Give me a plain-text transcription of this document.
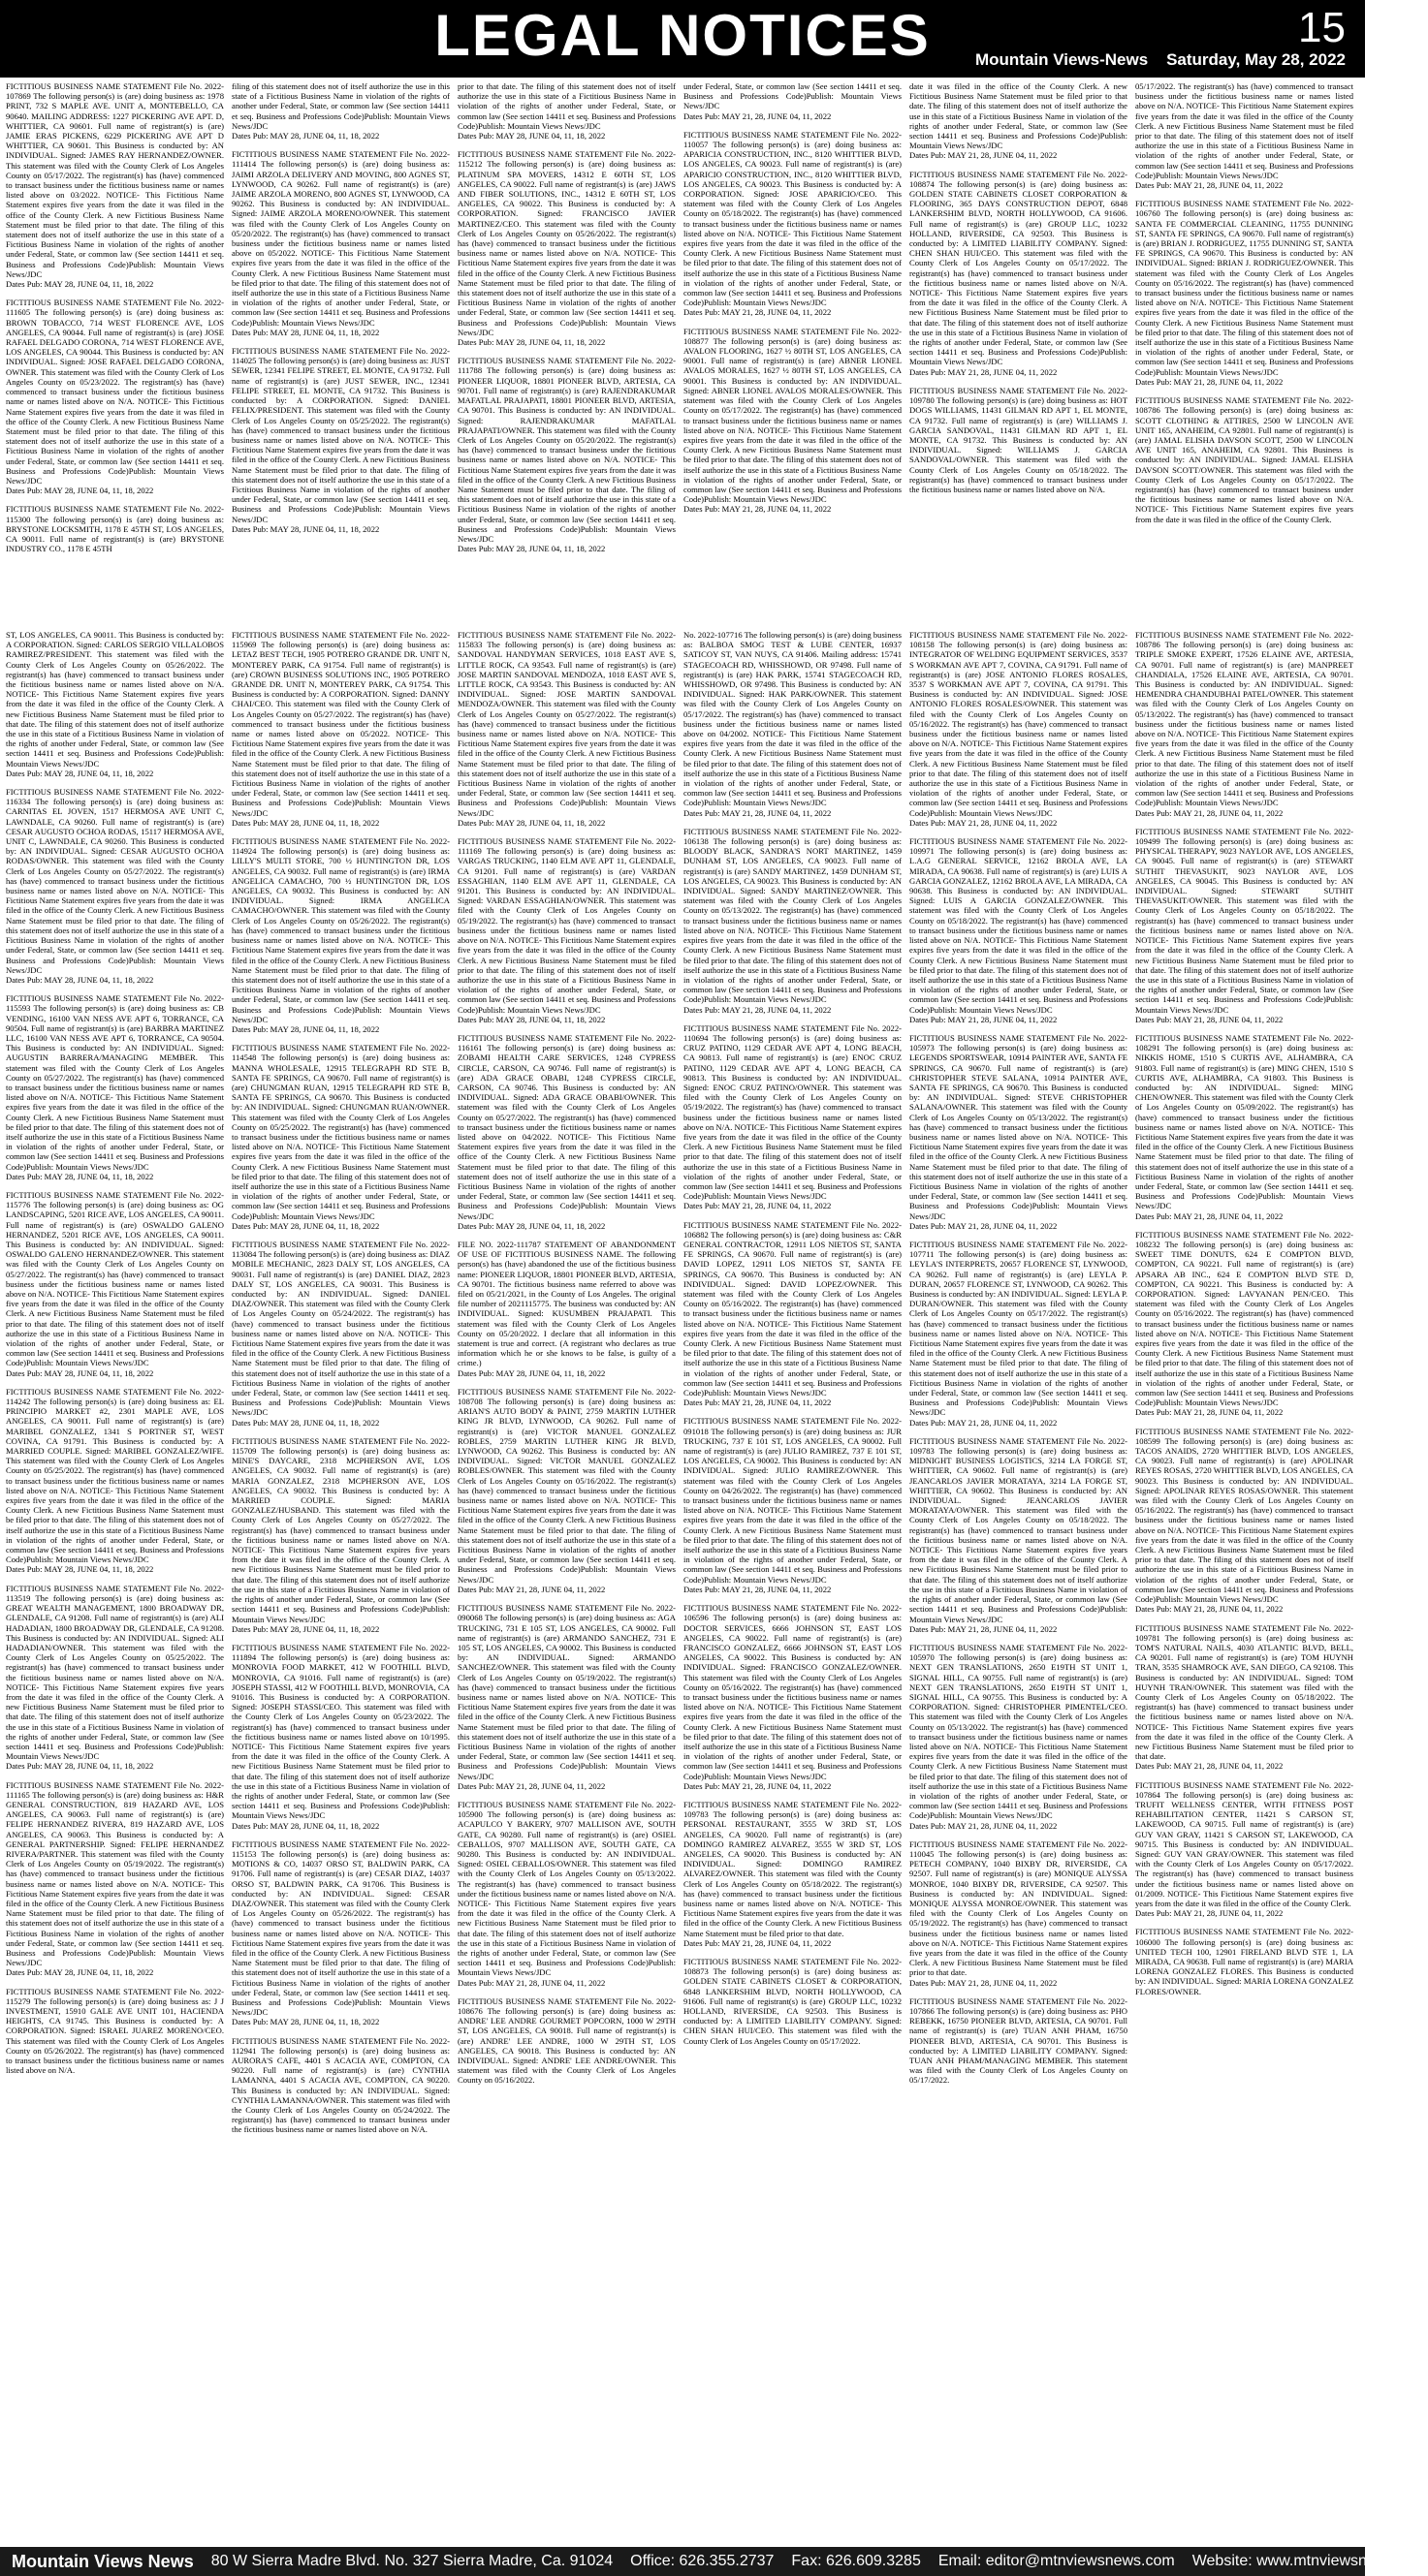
LEGAL NOTICES	15
Mountain Views-News Saturday, May 28, 2022
FICTITIOUS BUSINESS NAME STATEMENT File No. 2022-107869 The following person(s) is (are) doing business as: 1978 PRINT, 732 S MAPLE AVE. UNIT A, MONTEBELLO, CA 90640. MAILING ADDRESS: 1227 PICKERING AVE APT. D, WHITTIER, CA 90601. Full name of registrant(s) is (are) JAMIE ERAS PICKENS, 6229 PICKERING AVE APT D WHITTIER, CA 90601. This Business is conducted by: AN INDIVIDUAL. Signed: JAMES RAY HERNANDEZ/OWNER. This statement was filed with the County Clerk of Los Angeles County on 05/17/2022. The registrant(s) has (have) commenced to transact business under the fictitious business name or names listed above on 03/2022. NOTICE- This Fictitious Name Statement expires five years from the date it was filed in the office of the County Clerk. A new Fictitious Business Name Statement must be filed prior to that date. The filing of this statement does not of itself authorize the use in this state of a Fictitious Business Name in violation of the rights of another under Federal, State, or common law (See section 14411 et seq. Business and Professions Code)Publish: Mountain Views News/JDC
Dates Pub: MAY 28, JUNE 04, 11, 18, 2022
FICTITIOUS BUSINESS NAME STATEMENT File No. 2022-111605 The following person(s) is (are) doing business as: BROWN TOBACCO, 714 WEST FLORENCE AVE, LOS ANGELES, CA 90044. Full name of registrant(s) is (are) JOSE RAFAEL DELGADO CORONA, 714 WEST FLORENCE AVE, LOS ANGELES, CA 90044. This Business is conducted by: AN INDIVIDUAL. Signed: JOSE RAFAEL DELGADO CORONA, OWNER. This statement was filed with the County Clerk of Los Angeles County on 05/23/2022. The registrant(s) has (have) commenced to transact business under the fictitious business name or names listed above on N/A. NOTICE- This Fictitious Name Statement expires five years from the date it was filed in the office of the County Clerk. A new Fictitious Business Name Statement must be filed prior to that date. The filing of this statement does not of itself authorize the use in this state of a Fictitious Business Name in violation of the rights of another under Federal, State, or common law (See section 14411 et seq. Business and Professions Code)Publish: Mountain Views News/JDC
Dates Pub: MAY 28, JUNE 04, 11, 18, 2022
FICTITIOUS BUSINESS NAME STATEMENT File No. 2022-115300 The following person(s) is (are) doing business as: BRYSTONE LOCKSMITH, 1178 E 45TH ST, LOS ANGELES, CA 90011. Full name of registrant(s) is (are) BRYSTONE INDUSTRY CO., 1178 E 45TH
filing of this statement does not of itself authorize the use in this state of a Fictitious Business Name in violation of the rights of another under Federal, State, or common law (See section 14411 et seq. Business and Professions Code)Publish: Mountain Views News/JDC
Dates Pub: MAY 28, JUNE 04, 11, 18, 2022
FICTITIOUS BUSINESS NAME STATEMENT File No. 2022-111414 The following person(s) is (are) doing business as: JAIMI ARZOLA DELIVERY AND MOVING, 800 AGNES ST, LYNWOOD, CA 90262. Full name of registrant(s) is (are) JAIME ARZOLA MORENO, 800 AGNES ST, LYNWOOD, CA 90262. This Business is conducted by: AN INDIVIDUAL. Signed: JAIME ARZOLA MORENO/OWNER. This statement was filed with the County Clerk of Los Angeles County on 05/20/2022. The registrant(s) has (have) commenced to transact business under the fictitious business name or names listed above on 05/2022. NOTICE- This Fictitious Name Statement expires five years from the date it was filed in the office of the County Clerk. A new Fictitious Business Name Statement must be filed prior to that date. The filing of this statement does not of itself authorize the use in this state of a Fictitious Business Name in violation of the rights of another under Federal, State, or common law (See section 14411 et seq. Business and Professions Code)Publish: Mountain Views News/JDC
Dates Pub: MAY 28, JUNE 04, 11, 18, 2022
FICTITIOUS BUSINESS NAME STATEMENT File No. 2022-114025 The following person(s) is (are) doing business as: JUST SEWER, 12341 FELIPE STREET, EL MONTE, CA 91732. Full name of registrant(s) is (are) JUST SEWER, INC., 12341 FELIPE STREET, EL MONTE, CA 91732. This Business is conducted by: A CORPORATION. Signed: DANIEL FELIX/PRESIDENT. This statement was filed with the County Clerk of Los Angeles County on 05/25/2022. The registrant(s) has (have) commenced to transact business under the fictitious business name or names listed above on N/A. NOTICE- This Fictitious Name Statement expires five years from the date it was filed in the office of the County Clerk. A new Fictitious Business Name Statement must be filed prior to that date. The filing of this statement does not of itself authorize the use in this state of a Fictitious Business Name in violation of the rights of another under Federal, State, or common law (See section 14411 et seq. Business and Professions Code)Publish: Mountain Views News/JDC
Dates Pub: MAY 28, JUNE 04, 11, 18, 2022
prior to that date. The filing of this statement does not of itself authorize the use in this state of a Fictitious Business Name in violation of the rights of another under Federal, State, or common law (See section 14411 et seq. Business and Professions Code)Publish: Mountain Views News/JDC
Dates Pub: MAY 28, JUNE 04, 11, 18, 2022
FICTITIOUS BUSINESS NAME STATEMENT File No. 2022-115212 The following person(s) is (are) doing business as: PLATINUM SPA MOVERS, 14312 E 60TH ST, LOS ANGELES, CA 90022. Full name of registrant(s) is (are) JAWS AND FIBER SOLUTIONS, INC., 14312 E 60TH ST, LOS ANGELES, CA 90022. This Business is conducted by: A CORPORATION. Signed: FRANCISCO JAVIER MARTINEZ/CEO. This statement was filed with the County Clerk of Los Angeles County on 05/26/2022. The registrant(s) has (have) commenced to transact business under the fictitious business name or names listed above on N/A. NOTICE- This Fictitious Name Statement expires five years from the date it was filed in the office of the County Clerk. A new Fictitious Business Name Statement must be filed prior to that date. The filing of this statement does not of itself authorize the use in this state of a Fictitious Business Name in violation of the rights of another under Federal, State, or common law (See section 14411 et seq. Business and Professions Code)Publish: Mountain Views News/JDC
Dates Pub: MAY 28, JUNE 04, 11, 18, 2022
FICTITIOUS BUSINESS NAME STATEMENT File No. 2022-111788 The following person(s) is (are) doing business as: PIONEER LIQUOR, 18801 PIONEER BLVD, ARTESIA, CA 90701. Full name of registrant(s) is (are) RAJENDRAKUMAR MAFATLAL PRAJAPATI, 18801 PIONEER BLVD, ARTESIA, CA 90701. This Business is conducted by: AN INDIVIDUAL. Signed: RAJENDRAKUMAR MAFATLAL PRAJAPATI/OWNER. This statement was filed with the County Clerk of Los Angeles County on 05/20/2022. The registrant(s) has (have) commenced to transact business under the fictitious business name or names listed above on N/A. NOTICE- This Fictitious Name Statement expires five years from the date it was filed in the office of the County Clerk. A new Fictitious Business Name Statement must be filed prior to that date. The filing of this statement does not of itself authorize the use in this state of a Fictitious Business Name in violation of the rights of another under Federal, State, or common law (See section 14411 et seq. Business and Professions Code)Publish: Mountain Views News/JDC
Dates Pub: MAY 28, JUNE 04, 11, 18, 2022
under Federal, State, or common law (See section 14411 et seq. Business and Professions Code)Publish: Mountain Views News/JDC
Dates Pub: MAY 21, 28, JUNE 04, 11, 2022
FICTITIOUS BUSINESS NAME STATEMENT File No. 2022-110057 The following person(s) is (are) doing business as: APARICIA CONSTRUCTION, INC., 8120 WHITTIER BLVD, LOS ANGELES, CA 90023. Full name of registrant(s) is (are) APARICIO CONSTRUCTION, INC., 8120 WHITTIER BLVD, LOS ANGELES, CA 90023. This Business is conducted by: A CORPORATION. Signed: JOSE APARICIO/CEO. This statement was filed with the County Clerk of Los Angeles County on 05/18/2022. The registrant(s) has (have) commenced to transact business under the fictitious business name or names listed above on N/A. NOTICE- This Fictitious Name Statement expires five years from the date it was filed in the office of the County Clerk. A new Fictitious Business Name Statement must be filed prior to that date. The filing of this statement does not of itself authorize the use in this state of a Fictitious Business Name in violation of the rights of another under Federal, State, or common law (See section 14411 et seq. Business and Professions Code)Publish: Mountain Views News/JDC
Dates Pub: MAY 21, 28, JUNE 04, 11, 2022
FICTITIOUS BUSINESS NAME STATEMENT File No. 2022-108877 The following person(s) is (are) doing business as: AVALON FLOORING, 1627 ½ 80TH ST, LOS ANGELES, CA 90001. Full name of registrant(s) is (are) ABNER LIONEL AVALOS MORALES, 1627 ½ 80TH ST, LOS ANGELES, CA 90001. This Business is conducted by: AN INDIVIDUAL. Signed: ABNER LIONEL AVALOS MORALES/OWNER. This statement was filed with the County Clerk of Los Angeles County on 05/17/2022. The registrant(s) has (have) commenced to transact business under the fictitious business name or names listed above on N/A. NOTICE- This Fictitious Name Statement expires five years from the date it was filed in the office of the County Clerk. A new Fictitious Business Name Statement must be filed prior to that date. The filing of this statement does not of itself authorize the use in this state of a Fictitious Business Name in violation of the rights of another under Federal, State, or common law (See section 14411 et seq. Business and Professions Code)Publish: Mountain Views News/JDC
Dates Pub: MAY 21, 28, JUNE 04, 11, 2022
date it was filed in the office of the County Clerk. A new Fictitious Business Name Statement must be filed prior to that date. The filing of this statement does not of itself authorize the use in this state of a Fictitious Business Name in violation of the rights of another under Federal, State, or common law (See section 14411 et seq. Business and Professions Code)Publish: Mountain Views News/JDC
Dates Pub: MAY 21, 28, JUNE 04, 11, 2022
FICTITIOUS BUSINESS NAME STATEMENT File No. 2022-108874 The following person(s) is (are) doing business as: GOLDEN STATE CABINETS CLOSET CORPORATION & FLOORING, 365 DAYS CONSTRUCTION DEPOT, 6848 LANKERSHIM BLVD, NORTH HOLLYWOOD, CA 91606. Full name of registrant(s) is (are) GROUP LLC, 10232 HOLLAND, RIVERSIDE, CA 92503. This Business is conducted by: A LIMITED LIABILITY COMPANY. Signed: CHEN SHAN HUI/CEO. This statement was filed with the County Clerk of Los Angeles County on 05/17/2022. The registrant(s) has (have) commenced to transact business under the fictitious business name or names listed above on N/A. NOTICE- This Fictitious Name Statement expires five years from the date it was filed in the office of the County Clerk. A new Fictitious Business Name Statement must be filed prior to that date. The filing of this statement does not of itself authorize the use in this state of a Fictitious Business Name in violation of the rights of another under Federal, State, or common law (See section 14411 et seq. Business and Professions Code)Publish: Mountain Views News/JDC
Dates Pub: MAY 21, 28, JUNE 04, 11, 2022
FICTITIOUS BUSINESS NAME STATEMENT File No. 2022-109780 The following person(s) is (are) doing business as: HOT DOGS WILLIAMS, 11431 GILMAN RD APT 1, EL MONTE, CA 91732. Full name of registrant(s) is (are) WILLIAMS J. GARCIA SANDOVAL, 11431 GILMAN RD APT 1, EL MONTE, CA 91732. This Business is conducted by: AN INDIVIDUAL. Signed: WILLIAMS J. GARCIA SANDOVAL/OWNER. This statement was filed with the County Clerk of Los Angeles County on 05/18/2022. The registrant(s) has (have) commenced to transact business under the fictitious business name or names listed above on N/A.
05/17/2022. The registrant(s) has (have) commenced to transact business under the fictitious business name or names listed above on N/A. NOTICE- This Fictitious Name Statement expires five years from the date it was filed in the office of the County Clerk. A new Fictitious Business Name Statement must be filed prior to that date. The filing of this statement does not of itself authorize the use in this state of a Fictitious Business Name in violation of the rights of another under Federal, State, or common law (See section 14411 et seq. Business and Professions Code)Publish: Mountain Views News/JDC
Dates Pub: MAY 21, 28, JUNE 04, 11, 2022
FICTITIOUS BUSINESS NAME STATEMENT File No. 2022-106760 The following person(s) is (are) doing business as: SANTA FE COMMERCIAL CLEANING, 11755 DUNNING ST, SANTA FE SPRINGS, CA 90670. Full name of registrant(s) is (are) BRIAN J. RODRIGUEZ, 11755 DUNNING ST, SANTA FE SPRINGS, CA 90670. This Business is conducted by: AN INDIVIDUAL. Signed: BRIAN J. RODRIGUEZ/OWNER. This statement was filed with the County Clerk of Los Angeles County on 05/16/2022. The registrant(s) has (have) commenced to transact business under the fictitious business name or names listed above on N/A. NOTICE- This Fictitious Name Statement expires five years from the date it was filed in the office of the County Clerk. A new Fictitious Business Name Statement must be filed prior to that date. The filing of this statement does not of itself authorize the use in this state of a Fictitious Business Name in violation of the rights of another under Federal, State, or common law (See section 14411 et seq. Business and Professions Code)Publish: Mountain Views News/JDC
Dates Pub: MAY 21, 28, JUNE 04, 11, 2022
FICTITIOUS BUSINESS NAME STATEMENT File No. 2022-108786 The following person(s) is (are) doing business as: SCOTT CLOTHING & ATTIRES, 2500 W LINCOLN AVE UNIT 165, ANAHEIM, CA 92801. Full name of registrant(s) is (are) JAMAL ELISHA DAVSON SCOTT, 2500 W LINCOLN AVE UNIT 165, ANAHEIM, CA 92801. This Business is conducted by: AN INDIVIDUAL. Signed: JAMAL ELISHA DAVSON SCOTT/OWNER. This statement was filed with the County Clerk of Los Angeles County on 05/17/2022. The registrant(s) has (have) commenced to transact business under the fictitious business name or names listed above on N/A. NOTICE- This Fictitious Name Statement expires five years from the date it was filed in the office of the County Clerk.
ST, LOS ANGELES, CA 90011. This Business is conducted by: A CORPORATION. Signed: CARLOS SERGIO VILLALOBOS RAMIREZ/PRESIDENT. This statement was filed with the County Clerk of Los Angeles County on 05/26/2022. The registrant(s) has (have) commenced to transact business under the fictitious business name or names listed above on N/A. NOTICE- This Fictitious Name Statement expires five years from the date it was filed in the office of the County Clerk. A new Fictitious Business Name Statement must be filed prior to that date. The filing of this statement does not of itself authorize the use in this state of a Fictitious Business Name in violation of the rights of another under Federal, State, or common law (See section 14411 et seq. Business and Professions Code)Publish: Mountain Views News/JDC
Dates Pub: MAY 28, JUNE 04, 11, 18, 2022
FICTITIOUS BUSINESS NAME STATEMENT File No. 2022-116334 The following person(s) is (are) doing business as: CARNITAS EL JOVEN, 1517 HERMOSA AVE UNIT C, LAWNDALE, CA 90260. Full name of registrant(s) is (are) CESAR AUGUSTO OCHOA RODAS, 15117 HERMOSA AVE, UNIT C, LAWNDALE, CA 90260. This Business is conducted by: AN INDIVIDUAL. Signed: CESAR AUGUSTO OCHOA RODAS/OWNER. This statement was filed with the County Clerk of Los Angeles County on 05/27/2022. The registrant(s) has (have) commenced to transact business under the fictitious business name or names listed above on N/A. NOTICE- This Fictitious Name Statement expires five years from the date it was filed in the office of the County Clerk. A new Fictitious Business Name Statement must be filed prior to that date. The filing of this statement does not of itself authorize the use in this state of a Fictitious Business Name in violation of the rights of another under Federal, State, or common law (See section 14411 et seq. Business and Professions Code)Publish: Mountain Views News/JDC
Dates Pub: MAY 28, JUNE 04, 11, 18, 2022
FICTITIOUS BUSINESS NAME STATEMENT File No. 2022-115593 The following person(s) is (are) doing business as: CB VENDING, 16100 VAN NESS AVE APT 6, TORRANCE, CA 90504. Full name of registrant(s) is (are) BARBRA MARTINEZ LLC, 16100 VAN NESS AVE APT 6, TORRANCE, CA 90504. This Business is conducted by: AN INDIVIDUAL. Signed: AUGUSTIN BARRERA/MANAGING MEMBER. This statement was filed with the County Clerk of Los Angeles County on 05/27/2022. The registrant(s) has (have) commenced to transact business under the fictitious business name or names listed above on N/A. NOTICE- This Fictitious Name Statement expires five years from the date it was filed in the office of the County Clerk. A new Fictitious Business Name Statement must be filed prior to that date. The filing of this statement does not of itself authorize the use in this state of a Fictitious Business Name in violation of the rights of another under Federal, State, or common law (See section 14411 et seq. Business and Professions Code)Publish: Mountain Views News/JDC
Dates Pub: MAY 28, JUNE 04, 11, 18, 2022
FICTITIOUS BUSINESS NAME STATEMENT File No. 2022-115776 The following person(s) is (are) doing business as: OG LANDSCAPING, 5201 RICE AVE, LOS ANGELES, CA 90011. Full name of registrant(s) is (are) OSWALDO GALENO HERNANDEZ, 5201 RICE AVE, LOS ANGELES, CA 90011. This Business is conducted by: AN INDIVIDUAL. Signed: OSWALDO GALENO HERNANDEZ/OWNER. This statement was filed with the County Clerk of Los Angeles County on 05/27/2022. The registrant(s) has (have) commenced to transact business under the fictitious business name or names listed above on N/A. NOTICE- This Fictitious Name Statement expires five years from the date it was filed in the office of the County Clerk. A new Fictitious Business Name Statement must be filed prior to that date. The filing of this statement does not of itself authorize the use in this state of a Fictitious Business Name in violation of the rights of another under Federal, State, or common law (See section 14411 et seq. Business and Professions Code)Publish: Mountain Views News/JDC
Dates Pub: MAY 28, JUNE 04, 11, 18, 2022
FICTITIOUS BUSINESS NAME STATEMENT File No. 2022-114242 The following person(s) is (are) doing business as: EL PRINCIPIO MARKET #2, 2301 MAPLE AVE, LOS ANGELES, CA 90011. Full name of registrant(s) is (are) MARIBEL GONZALEZ, 1341 S PORTNER ST, WEST COVINA, CA 91791. This Business is conducted by: A MARRIED COUPLE. Signed: MARIBEL GONZALEZ/WIFE. This statement was filed with the County Clerk of Los Angeles County on 05/25/2022. The registrant(s) has (have) commenced to transact business under the fictitious business name or names listed above on N/A. NOTICE- This Fictitious Name Statement expires five years from the date it was filed in the office of the County Clerk. A new Fictitious Business Name Statement must be filed prior to that date. The filing of this statement does not of itself authorize the use in this state of a Fictitious Business Name in violation of the rights of another under Federal, State, or common law (See section 14411 et seq. Business and Professions Code)Publish: Mountain Views News/JDC
Dates Pub: MAY 28, JUNE 04, 11, 18, 2022
FICTITIOUS BUSINESS NAME STATEMENT File No. 2022-113519 The following person(s) is (are) doing business as: GREAT WEALTH MANAGEMENT, 1800 BROADWAY DR, GLENDALE, CA 91208. Full name of registrant(s) is (are) ALI HADADIAN, 1800 BROADWAY DR, GLENDALE, CA 91208. This Business is conducted by: AN INDIVIDUAL. Signed: ALI HADADIAN/OWNER. This statement was filed with the County Clerk of Los Angeles County on 05/25/2022. The registrant(s) has (have) commenced to transact business under the fictitious business name or names listed above on N/A. NOTICE- This Fictitious Name Statement expires five years from the date it was filed in the office of the County Clerk. A new Fictitious Business Name Statement must be filed prior to that date. The filing of this statement does not of itself authorize the use in this state of a Fictitious Business Name in violation of the rights of another under Federal, State, or common law (See section 14411 et seq. Business and Professions Code)Publish: Mountain Views News/JDC
Dates Pub: MAY 28, JUNE 04, 11, 18, 2022
FICTITIOUS BUSINESS NAME STATEMENT File No. 2022-111165 The following person(s) is (are) doing business as: H&R GENERAL CONSTRUCTION, 819 HAZARD AVE, LOS ANGELES, CA 90063. Full name of registrant(s) is (are) FELIPE HERNANDEZ RIVERA, 819 HAZARD AVE, LOS ANGELES, CA 90063. This Business is conducted by: A GENERAL PARTNERSHIP. Signed: FELIPE HERNANDEZ RIVERA/PARTNER. This statement was filed with the County Clerk of Los Angeles County on 05/19/2022. The registrant(s) has (have) commenced to transact business under the fictitious business name or names listed above on N/A. NOTICE- This Fictitious Name Statement expires five years from the date it was filed in the office of the County Clerk. A new Fictitious Business Name Statement must be filed prior to that date. The filing of this statement does not of itself authorize the use in this state of a Fictitious Business Name in violation of the rights of another under Federal, State, or common law (See section 14411 et seq. Business and Professions Code)Publish: Mountain Views News/JDC
Dates Pub: MAY 28, JUNE 04, 11, 18, 2022
FICTITIOUS BUSINESS NAME STATEMENT File No. 2022-115279 The following person(s) is (are) doing business as: J J INVESTMENT, 15910 GALE AVE UNIT 101, HACIENDA HEIGHTS, CA 91745. This Business is conducted by: A CORPORATION. Signed: ISRAEL JUAREZ MORENO/CEO. This statement was filed with the County Clerk of Los Angeles County on 05/26/2022. The registrant(s) has (have) commenced to transact business under the fictitious business name or names listed above on N/A.
FICTITIOUS BUSINESS NAME STATEMENT File No. 2022-115969 The following person(s) is (are) doing business as: LETAZ BEST TECH, 1905 POTRERO GRANDE DR. UNIT N, MONTEREY PARK, CA 91754. Full name of registrant(s) is (are) CROWN BUSINESS SOLUTIONS INC, 1905 POTRERO GRANDE DR. UNIT N, MONTEREY PARK, CA 91754. This Business is conducted by: A CORPORATION. Signed: DANNY CHAI/CEO. This statement was filed with the County Clerk of Los Angeles County on 05/27/2022. The registrant(s) has (have) commenced to transact business under the fictitious business name or names listed above on 05/2022. NOTICE- This Fictitious Name Statement expires five years from the date it was filed in the office of the County Clerk. A new Fictitious Business Name Statement must be filed prior to that date. The filing of this statement does not of itself authorize the use in this state of a Fictitious Business Name in violation of the rights of another under Federal, State, or common law (See section 14411 et seq. Business and Professions Code)Publish: Mountain Views News/JDC
Dates Pub: MAY 28, JUNE 04, 11, 18, 2022
FICTITIOUS BUSINESS NAME STATEMENT File No. 2022-114924 The following person(s) is (are) doing business as: LILLY'S MULTI STORE, 700 ½ HUNTINGTON DR, LOS ANGELES, CA 90032. Full name of registrant(s) is (are) IRMA ANGELICA CAMACHO, 700 ½ HUNTINGTON DR, LOS ANGELES, CA 90032. This Business is conducted by: AN INDIVIDUAL. Signed: IRMA ANGELICA CAMACHO/OWNER. This statement was filed with the County Clerk of Los Angeles County on 05/26/2022. The registrant(s) has (have) commenced to transact business under the fictitious business name or names listed above on N/A. NOTICE- This Fictitious Name Statement expires five years from the date it was filed in the office of the County Clerk. A new Fictitious Business Name Statement must be filed prior to that date. The filing of this statement does not of itself authorize the use in this state of a Fictitious Business Name in violation of the rights of another under Federal, State, or common law (See section 14411 et seq. Business and Professions Code)Publish: Mountain Views News/JDC
Dates Pub: MAY 28, JUNE 04, 11, 18, 2022
FICTITIOUS BUSINESS NAME STATEMENT File No. 2022-114548 The following person(s) is (are) doing business as: MANNA WHOLESALE, 12915 TELEGRAPH RD STE B, SANTA FE SPRINGS, CA 90670. Full name of registrant(s) is (are) CHUNGMAN RUAN, 12915 TELEGRAPH RD STE B, SANTA FE SPRINGS, CA 90670. This Business is conducted by: AN INDIVIDUAL. Signed: CHUNGMAN RUAN/OWNER. This statement was filed with the County Clerk of Los Angeles County on 05/25/2022. The registrant(s) has (have) commenced to transact business under the fictitious business name or names listed above on N/A. NOTICE- This Fictitious Name Statement expires five years from the date it was filed in the office of the County Clerk. A new Fictitious Business Name Statement must be filed prior to that date. The filing of this statement does not of itself authorize the use in this state of a Fictitious Business Name in violation of the rights of another under Federal, State, or common law (See section 14411 et seq. Business and Professions Code)Publish: Mountain Views News/JDC
Dates Pub: MAY 28, JUNE 04, 11, 18, 2022
FICTITIOUS BUSINESS NAME STATEMENT File No. 2022-113084 The following person(s) is (are) doing business as: DIAZ MOBILE MECHANIC, 2823 DALY ST, LOS ANGELES, CA 90031. Full name of registrant(s) is (are) DANIEL DIAZ, 2823 DALY ST, LOS ANGELES, CA 90031. This Business is conducted by: AN INDIVIDUAL. Signed: DANIEL DIAZ/OWNER. This statement was filed with the County Clerk of Los Angeles County on 05/24/2022. The registrant(s) has (have) commenced to transact business under the fictitious business name or names listed above on N/A. NOTICE- This Fictitious Name Statement expires five years from the date it was filed in the office of the County Clerk. A new Fictitious Business Name Statement must be filed prior to that date. The filing of this statement does not of itself authorize the use in this state of a Fictitious Business Name in violation of the rights of another under Federal, State, or common law (See section 14411 et seq. Business and Professions Code)Publish: Mountain Views News/JDC
Dates Pub: MAY 28, JUNE 04, 11, 18, 2022
FICTITIOUS BUSINESS NAME STATEMENT File No. 2022-115709 The following person(s) is (are) doing business as: MINE'S DAYCARE, 2318 MCPHERSON AVE, LOS ANGELES, CA 90032. Full name of registrant(s) is (are) MARIA GONZALEZ, 2318 MCPHERSON AVE, LOS ANGELES, CA 90032. This Business is conducted by: A MARRIED COUPLE. Signed: MARIA GONZALEZ/HUSBAND. This statement was filed with the County Clerk of Los Angeles County on 05/27/2022. The registrant(s) has (have) commenced to transact business under the fictitious business name or names listed above on N/A. NOTICE- This Fictitious Name Statement expires five years from the date it was filed in the office of the County Clerk. A new Fictitious Business Name Statement must be filed prior to that date. The filing of this statement does not of itself authorize the use in this state of a Fictitious Business Name in violation of the rights of another under Federal, State, or common law (See section 14411 et seq. Business and Professions Code)Publish: Mountain Views News/JDC
Dates Pub: MAY 28, JUNE 04, 11, 18, 2022
FICTITIOUS BUSINESS NAME STATEMENT File No. 2022-111894 The following person(s) is (are) doing business as: MONROVIA FOOD MARKET, 412 W FOOTHILL BLVD, MONROVIA, CA 91016. Full name of registrant(s) is (are) JOSEPH STASSI, 412 W FOOTHILL BLVD, MONROVIA, CA 91016. This Business is conducted by: A CORPORATION. Signed: JOSEPH STASSI/CEO. This statement was filed with the County Clerk of Los Angeles County on 05/23/2022. The registrant(s) has (have) commenced to transact business under the fictitious business name or names listed above on 10/1995. NOTICE- This Fictitious Name Statement expires five years from the date it was filed in the office of the County Clerk. A new Fictitious Business Name Statement must be filed prior to that date. The filing of this statement does not of itself authorize the use in this state of a Fictitious Business Name in violation of the rights of another under Federal, State, or common law (See section 14411 et seq. Business and Professions Code)Publish: Mountain Views News/JDC
Dates Pub: MAY 28, JUNE 04, 11, 18, 2022
FICTITIOUS BUSINESS NAME STATEMENT File No. 2022-115153 The following person(s) is (are) doing business as: MOTIONS & CO, 14037 ORSO ST, BALDWIN PARK, CA 91706. Full name of registrant(s) is (are) CESAR DIAZ, 14037 ORSO ST, BALDWIN PARK, CA 91706. This Business is conducted by: AN INDIVIDUAL. Signed: CESAR DIAZ/OWNER. This statement was filed with the County Clerk of Los Angeles County on 05/26/2022. The registrant(s) has (have) commenced to transact business under the fictitious business name or names listed above on N/A. NOTICE- This Fictitious Name Statement expires five years from the date it was filed in the office of the County Clerk. A new Fictitious Business Name Statement must be filed prior to that date. The filing of this statement does not of itself authorize the use in this state of a Fictitious Business Name in violation of the rights of another under Federal, State, or common law (See section 14411 et seq. Business and Professions Code)Publish: Mountain Views News/JDC
Dates Pub: MAY 28, JUNE 04, 11, 18, 2022
FICTITIOUS BUSINESS NAME STATEMENT File No. 2022-112941 The following person(s) is (are) doing business as: AURORA'S CAFE, 4401 S ACACIA AVE, COMPTON, CA 90220. Full name of registrant(s) is (are) CYNTHIA LAMANNA, 4401 S ACACIA AVE, COMPTON, CA 90220. This Business is conducted by: AN INDIVIDUAL. Signed: CYNTHIA LAMANNA/OWNER. This statement was filed with the County Clerk of Los Angeles County on 05/24/2022. The registrant(s) has (have) commenced to transact business under the fictitious business name or names listed above on N/A.
FICTITIOUS BUSINESS NAME STATEMENT File No. 2022-115833 The following person(s) is (are) doing business as: SANDOVAL HANDYMAN SERVICES, 1018 EAST AVE S, LITTLE ROCK, CA 93543. Full name of registrant(s) is (are) JOSE MARTIN SANDOVAL MENDOZA, 1018 EAST AVE S, LITTLE ROCK, CA 93543. This Business is conducted by: AN INDIVIDUAL. Signed: JOSE MARTIN SANDOVAL MENDOZA/OWNER. This statement was filed with the County Clerk of Los Angeles County on 05/27/2022. The registrant(s) has (have) commenced to transact business under the fictitious business name or names listed above on N/A. NOTICE- This Fictitious Name Statement expires five years from the date it was filed in the office of the County Clerk. A new Fictitious Business Name Statement must be filed prior to that date. The filing of this statement does not of itself authorize the use in this state of a Fictitious Business Name in violation of the rights of another under Federal, State, or common law (See section 14411 et seq. Business and Professions Code)Publish: Mountain Views News/JDC
Dates Pub: MAY 28, JUNE 04, 11, 18, 2022
FICTITIOUS BUSINESS NAME STATEMENT File No. 2022-111169 The following person(s) is (are) doing business as: VARGAS TRUCKING, 1140 ELM AVE APT 11, GLENDALE, CA 91201. Full name of registrant(s) is (are) VARDAN ESSAGHIAN, 1140 ELM AVE APT 11, GLENDALE, CA 91201. This Business is conducted by: AN INDIVIDUAL. Signed: VARDAN ESSAGHIAN/OWNER. This statement was filed with the County Clerk of Los Angeles County on 05/19/2022. The registrant(s) has (have) commenced to transact business under the fictitious business name or names listed above on N/A. NOTICE- This Fictitious Name Statement expires five years from the date it was filed in the office of the County Clerk. A new Fictitious Business Name Statement must be filed prior to that date. The filing of this statement does not of itself authorize the use in this state of a Fictitious Business Name in violation of the rights of another under Federal, State, or common law (See section 14411 et seq. Business and Professions Code)Publish: Mountain Views News/JDC
Dates Pub: MAY 28, JUNE 04, 11, 18, 2022
FICTITIOUS BUSINESS NAME STATEMENT File No. 2022-116161 The following person(s) is (are) doing business as: ZOBAMI HEALTH CARE SERVICES, 1248 CYPRESS CIRCLE, CARSON, CA 90746. Full name of registrant(s) is (are) ADA GRACE OBABI, 1248 CYPRESS CIRCLE, CARSON, CA 90746. This Business is conducted by: AN INDIVIDUAL. Signed: ADA GRACE OBABI/OWNER. This statement was filed with the County Clerk of Los Angeles County on 05/27/2022. The registrant(s) has (have) commenced to transact business under the fictitious business name or names listed above on 04/2022. NOTICE- This Fictitious Name Statement expires five years from the date it was filed in the office of the County Clerk. A new Fictitious Business Name Statement must be filed prior to that date. The filing of this statement does not of itself authorize the use in this state of a Fictitious Business Name in violation of the rights of another under Federal, State, or common law (See section 14411 et seq. Business and Professions Code)Publish: Mountain Views News/JDC
Dates Pub: MAY 28, JUNE 04, 11, 18, 2022
FILE NO. 2022-111787 STATEMENT OF ABANDONMENT OF USE OF FICTITIOUS BUSINESS NAME. The following person(s) has (have) abandoned the use of the fictitious business name: PIONEER LIQUOR, 18801 PIONEER BLVD, ARTESIA, CA 90701. The fictitious business name referred to above was filed on 05/21/2021, in the County of Los Angeles. The original file number of 2021115775. The business was conducted by: AN INDIVIDUAL. Signed: KUSUMBEN PRAJAPATI. This statement was filed with the County Clerk of Los Angeles County on 05/20/2022. I declare that all information in this statement is true and correct. (A registrant who declares as true information which he or she knows to be false, is guilty of a crime.)
Dates Pub: MAY 28, JUNE 04, 11, 18, 2022
FICTITIOUS BUSINESS NAME STATEMENT File No. 2022-108708 The following person(s) is (are) doing business as: ARIAN'S AUTO BODY & PAINT, 2759 MARTIN LUTHER KING JR BLVD, LYNWOOD, CA 90262. Full name of registrant(s) is (are) VICTOR MANUEL GONZALEZ ROBLES, 2759 MARTIN LUTHER KING JR BLVD, LYNWOOD, CA 90262. This Business is conducted by: AN INDIVIDUAL. Signed: VICTOR MANUEL GONZALEZ ROBLES/OWNER. This statement was filed with the County Clerk of Los Angeles County on 05/16/2022. The registrant(s) has (have) commenced to transact business under the fictitious business name or names listed above on N/A. NOTICE- This Fictitious Name Statement expires five years from the date it was filed in the office of the County Clerk. A new Fictitious Business Name Statement must be filed prior to that date. The filing of this statement does not of itself authorize the use in this state of a Fictitious Business Name in violation of the rights of another under Federal, State, or common law (See section 14411 et seq. Business and Professions Code)Publish: Mountain Views News/JDC
Dates Pub: MAY 21, 28, JUNE 04, 11, 2022
FICTITIOUS BUSINESS NAME STATEMENT File No. 2022-090068 The following person(s) is (are) doing business as: AGA TRUCKING, 731 E 105 ST, LOS ANGELES, CA 90002. Full name of registrant(s) is (are) ARMANDO SANCHEZ, 731 E 105 ST, LOS ANGELES, CA 90002. This Business is conducted by: AN INDIVIDUAL. Signed: ARMANDO SANCHEZ/OWNER. This statement was filed with the County Clerk of Los Angeles County on 05/19/2022. The registrant(s) has (have) commenced to transact business under the fictitious business name or names listed above on N/A. NOTICE- This Fictitious Name Statement expires five years from the date it was filed in the office of the County Clerk. A new Fictitious Business Name Statement must be filed prior to that date. The filing of this statement does not of itself authorize the use in this state of a Fictitious Business Name in violation of the rights of another under Federal, State, or common law (See section 14411 et seq. Business and Professions Code)Publish: Mountain Views News/JDC
Dates Pub: MAY 21, 28, JUNE 04, 11, 2022
FICTITIOUS BUSINESS NAME STATEMENT File No. 2022-105900 The following person(s) is (are) doing business as: ACAPULCO Y BAKERY, 9707 MALLISON AVE, SOUTH GATE, CA 90280. Full name of registrant(s) is (are) OSIEL CEBALLOS, 9707 MALLISON AVE, SOUTH GATE, CA 90280. This Business is conducted by: AN INDIVIDUAL. Signed: OSIEL CEBALLOS/OWNER. This statement was filed with the County Clerk of Los Angeles County on 05/13/2022. The registrant(s) has (have) commenced to transact business under the fictitious business name or names listed above on N/A. NOTICE- This Fictitious Name Statement expires five years from the date it was filed in the office of the County Clerk. A new Fictitious Business Name Statement must be filed prior to that date. The filing of this statement does not of itself authorize the use in this state of a Fictitious Business Name in violation of the rights of another under Federal, State, or common law (See section 14411 et seq. Business and Professions Code)Publish: Mountain Views News/JDC
Dates Pub: MAY 21, 28, JUNE 04, 11, 2022
FICTITIOUS BUSINESS NAME STATEMENT File No. 2022-108676 The following person(s) is (are) doing business as: ANDRE' LEE ANDRE GOURMET POPCORN, 1000 W 29TH ST, LOS ANGELES, CA 90018. Full name of registrant(s) is (are) ANDRE' LEE ANDRE, 1000 W 29TH ST, LOS ANGELES, CA 90018. This Business is conducted by: AN INDIVIDUAL. Signed: ANDRE' LEE ANDRE/OWNER. This statement was filed with the County Clerk of Los Angeles County on 05/16/2022.
No. 2022-107716 The following person(s) is (are) doing business as: BALBOA SMOG TEST & LUBE CENTER, 16937 SATICOY ST, VAN NUYS, CA 91406. Mailing address: 15741 STAGECOACH RD, WHISSHOWD, OR 97498. Full name of registrant(s) is (are) HAK PARK, 15741 STAGECOACH RD, WHISSHOWD, OR 97498. This Business is conducted by: AN INDIVIDUAL. Signed: HAK PARK/OWNER. This statement was filed with the County Clerk of Los Angeles County on 05/17/2022. The registrant(s) has (have) commenced to transact business under the fictitious business name or names listed above on 04/2002. NOTICE- This Fictitious Name Statement expires five years from the date it was filed in the office of the County Clerk. A new Fictitious Business Name Statement must be filed prior to that date. The filing of this statement does not of itself authorize the use in this state of a Fictitious Business Name in violation of the rights of another under Federal, State, or common law (See section 14411 et seq. Business and Professions Code)Publish: Mountain Views News/JDC
Dates Pub: MAY 21, 28, JUNE 04, 11, 2022
FICTITIOUS BUSINESS NAME STATEMENT File No. 2022-106138 The following person(s) is (are) doing business as: BLOODY BLACK, SANDRA'S NORT MARTINEZ, 1459 DUNHAM ST, LOS ANGELES, CA 90023. Full name of registrant(s) is (are) SANDY MARTINEZ, 1459 DUNHAM ST, LOS ANGELES, CA 90023. This Business is conducted by: AN INDIVIDUAL. Signed: SANDY MARTINEZ/OWNER. This statement was filed with the County Clerk of Los Angeles County on 05/13/2022. The registrant(s) has (have) commenced to transact business under the fictitious business name or names listed above on N/A. NOTICE- This Fictitious Name Statement expires five years from the date it was filed in the office of the County Clerk. A new Fictitious Business Name Statement must be filed prior to that date. The filing of this statement does not of itself authorize the use in this state of a Fictitious Business Name in violation of the rights of another under Federal, State, or common law (See section 14411 et seq. Business and Professions Code)Publish: Mountain Views News/JDC
Dates Pub: MAY 21, 28, JUNE 04, 11, 2022
FICTITIOUS BUSINESS NAME STATEMENT File No. 2022-110694 The following person(s) is (are) doing business as: CRUZ PATINO, 1129 CEDAR AVE APT 4, LONG BEACH, CA 90813. Full name of registrant(s) is (are) ENOC CRUZ PATINO, 1129 CEDAR AVE APT 4, LONG BEACH, CA 90813. This Business is conducted by: AN INDIVIDUAL. Signed: ENOC CRUZ PATINO/OWNER. This statement was filed with the County Clerk of Los Angeles County on 05/19/2022. The registrant(s) has (have) commenced to transact business under the fictitious business name or names listed above on N/A. NOTICE- This Fictitious Name Statement expires five years from the date it was filed in the office of the County Clerk. A new Fictitious Business Name Statement must be filed prior to that date. The filing of this statement does not of itself authorize the use in this state of a Fictitious Business Name in violation of the rights of another under Federal, State, or common law (See section 14411 et seq. Business and Professions Code)Publish: Mountain Views News/JDC
Dates Pub: MAY 21, 28, JUNE 04, 11, 2022
FICTITIOUS BUSINESS NAME STATEMENT File No. 2022-106882 The following person(s) is (are) doing business as: C&R GENERAL CONTRACTOR, 12911 LOS NIETOS ST, SANTA FE SPRINGS, CA 90670. Full name of registrant(s) is (are) DAVID LOPEZ, 12911 LOS NIETOS ST, SANTA FE SPRINGS, CA 90670. This Business is conducted by: AN INDIVIDUAL. Signed: DAVID LOPEZ/OWNER. This statement was filed with the County Clerk of Los Angeles County on 05/16/2022. The registrant(s) has (have) commenced to transact business under the fictitious business name or names listed above on N/A. NOTICE- This Fictitious Name Statement expires five years from the date it was filed in the office of the County Clerk. A new Fictitious Business Name Statement must be filed prior to that date. The filing of this statement does not of itself authorize the use in this state of a Fictitious Business Name in violation of the rights of another under Federal, State, or common law (See section 14411 et seq. Business and Professions Code)Publish: Mountain Views News/JDC
Dates Pub: MAY 21, 28, JUNE 04, 11, 2022
FICTITIOUS BUSINESS NAME STATEMENT File No. 2022-091018 The following person(s) is (are) doing business as: JUR TRUCKING, 737 E 101 ST, LOS ANGELES, CA 90002. Full name of registrant(s) is (are) JULIO RAMIREZ, 737 E 101 ST, LOS ANGELES, CA 90002. This Business is conducted by: AN INDIVIDUAL. Signed: JULIO RAMIREZ/OWNER. This statement was filed with the County Clerk of Los Angeles County on 04/26/2022. The registrant(s) has (have) commenced to transact business under the fictitious business name or names listed above on N/A. NOTICE- This Fictitious Name Statement expires five years from the date it was filed in the office of the County Clerk. A new Fictitious Business Name Statement must be filed prior to that date. The filing of this statement does not of itself authorize the use in this state of a Fictitious Business Name in violation of the rights of another under Federal, State, or common law (See section 14411 et seq. Business and Professions Code)Publish: Mountain Views News/JDC
Dates Pub: MAY 21, 28, JUNE 04, 11, 2022
FICTITIOUS BUSINESS NAME STATEMENT File No. 2022-106596 The following person(s) is (are) doing business as: DOCTOR SERVICES, 6666 JOHNSON ST, EAST LOS ANGELES, CA 90022. Full name of registrant(s) is (are) FRANCISCO GONZALEZ, 6666 JOHNSON ST, EAST LOS ANGELES, CA 90022. This Business is conducted by: AN INDIVIDUAL. Signed: FRANCISCO GONZALEZ/OWNER. This statement was filed with the County Clerk of Los Angeles County on 05/16/2022. The registrant(s) has (have) commenced to transact business under the fictitious business name or names listed above on N/A. NOTICE- This Fictitious Name Statement expires five years from the date it was filed in the office of the County Clerk. A new Fictitious Business Name Statement must be filed prior to that date. The filing of this statement does not of itself authorize the use in this state of a Fictitious Business Name in violation of the rights of another under Federal, State, or common law (See section 14411 et seq. Business and Professions Code)Publish: Mountain Views News/JDC
Dates Pub: MAY 21, 28, JUNE 04, 11, 2022
FICTITIOUS BUSINESS NAME STATEMENT File No. 2022-109783 The following person(s) is (are) doing business as: PERSONAL RESTAURANT, 3555 W 3RD ST, LOS ANGELES, CA 90020. Full name of registrant(s) is (are) DOMINGO RAMIREZ ALVAREZ, 3555 W 3RD ST, LOS ANGELES, CA 90020. This Business is conducted by: AN INDIVIDUAL. Signed: DOMINGO RAMIREZ ALVAREZ/OWNER. This statement was filed with the County Clerk of Los Angeles County on 05/18/2022. The registrant(s) has (have) commenced to transact business under the fictitious business name or names listed above on N/A. NOTICE- This Fictitious Name Statement expires five years from the date it was filed in the office of the County Clerk. A new Fictitious Business Name Statement must be filed prior to that date.
Dates Pub: MAY 21, 28, JUNE 04, 11, 2022
FICTITIOUS BUSINESS NAME STATEMENT File No. 2022-108873 The following person(s) is (are) doing business as: GOLDEN STATE CABINETS CLOSET & CORPORATION, 6848 LANKERSHIM BLVD, NORTH HOLLYWOOD, CA 91606. Full name of registrant(s) is (are) GROUP LLC, 10232 HOLLAND, RIVERSIDE, CA 92503. This Business is conducted by: A LIMITED LIABILITY COMPANY. Signed: CHEN SHAN HUI/CEO. This statement was filed with the County Clerk of Los Angeles County on 05/17/2022.
FICTITIOUS BUSINESS NAME STATEMENT File No. 2022-108158 The following person(s) is (are) doing business as: INTEGRATOR OF WELDING EQUIPMENT SERVICES, 3537 S WORKMAN AVE APT 7, COVINA, CA 91791. Full name of registrant(s) is (are) JOSE ANTONIO FLORES ROSALES, 3537 S WORKMAN AVE APT 7, COVINA, CA 91791. This Business is conducted by: AN INDIVIDUAL. Signed: JOSE ANTONIO FLORES ROSALES/OWNER. This statement was filed with the County Clerk of Los Angeles County on 05/16/2022. The registrant(s) has (have) commenced to transact business under the fictitious business name or names listed above on N/A. NOTICE- This Fictitious Name Statement expires five years from the date it was filed in the office of the County Clerk. A new Fictitious Business Name Statement must be filed prior to that date. The filing of this statement does not of itself authorize the use in this state of a Fictitious Business Name in violation of the rights of another under Federal, State, or common law (See section 14411 et seq. Business and Professions Code)Publish: Mountain Views News/JDC
Dates Pub: MAY 21, 28, JUNE 04, 11, 2022
FICTITIOUS BUSINESS NAME STATEMENT File No. 2022-109971 The following person(s) is (are) doing business as: L.A.G GENERAL SERVICE, 12162 BROLA AVE, LA MIRADA, CA 90638. Full name of registrant(s) is (are) LUIS A GARCIA GONZALEZ, 12162 BROLA AVE, LA MIRADA, CA 90638. This Business is conducted by: AN INDIVIDUAL. Signed: LUIS A GARCIA GONZALEZ/OWNER. This statement was filed with the County Clerk of Los Angeles County on 05/18/2022. The registrant(s) has (have) commenced to transact business under the fictitious business name or names listed above on N/A. NOTICE- This Fictitious Name Statement expires five years from the date it was filed in the office of the County Clerk. A new Fictitious Business Name Statement must be filed prior to that date. The filing of this statement does not of itself authorize the use in this state of a Fictitious Business Name in violation of the rights of another under Federal, State, or common law (See section 14411 et seq. Business and Professions Code)Publish: Mountain Views News/JDC
Dates Pub: MAY 21, 28, JUNE 04, 11, 2022
FICTITIOUS BUSINESS NAME STATEMENT File No. 2022-105973 The following person(s) is (are) doing business as: LEGENDS SPORTSWEAR, 10914 PAINTER AVE, SANTA FE SPRINGS, CA 90670. Full name of registrant(s) is (are) CHRISTOPHER STEVE SALANA, 10914 PAINTER AVE, SANTA FE SPRINGS, CA 90670. This Business is conducted by: AN INDIVIDUAL. Signed: STEVE CHRISTOPHER SALANA/OWNER. This statement was filed with the County Clerk of Los Angeles County on 05/13/2022. The registrant(s) has (have) commenced to transact business under the fictitious business name or names listed above on N/A. NOTICE- This Fictitious Name Statement expires five years from the date it was filed in the office of the County Clerk. A new Fictitious Business Name Statement must be filed prior to that date. The filing of this statement does not of itself authorize the use in this state of a Fictitious Business Name in violation of the rights of another under Federal, State, or common law (See section 14411 et seq. Business and Professions Code)Publish: Mountain Views News/JDC
Dates Pub: MAY 21, 28, JUNE 04, 11, 2022
FICTITIOUS BUSINESS NAME STATEMENT File No. 2022-107711 The following person(s) is (are) doing business as: LEYLA'S INTERPRETS, 20657 FLORENCE ST, LYNWOOD, CA 90262. Full name of registrant(s) is (are) LEYLA P. DURAN, 20657 FLORENCE ST, LYNWOOD, CA 90262. This Business is conducted by: AN INDIVIDUAL. Signed: LEYLA P. DURAN/OWNER. This statement was filed with the County Clerk of Los Angeles County on 05/17/2022. The registrant(s) has (have) commenced to transact business under the fictitious business name or names listed above on N/A. NOTICE- This Fictitious Name Statement expires five years from the date it was filed in the office of the County Clerk. A new Fictitious Business Name Statement must be filed prior to that date. The filing of this statement does not of itself authorize the use in this state of a Fictitious Business Name in violation of the rights of another under Federal, State, or common law (See section 14411 et seq. Business and Professions Code)Publish: Mountain Views News/JDC
Dates Pub: MAY 21, 28, JUNE 04, 11, 2022
FICTITIOUS BUSINESS NAME STATEMENT File No. 2022-109783 The following person(s) is (are) doing business as: MIDNIGHT BUSINESS LOGISTICS, 3214 LA FORGE ST, WHITTIER, CA 90602. Full name of registrant(s) is (are) JEANCARLOS JAVIER MORATAYA, 3214 LA FORGE ST, WHITTIER, CA 90602. This Business is conducted by: AN INDIVIDUAL. Signed: JEANCARLOS JAVIER MORATAYA/OWNER. This statement was filed with the County Clerk of Los Angeles County on 05/18/2022. The registrant(s) has (have) commenced to transact business under the fictitious business name or names listed above on N/A. NOTICE- This Fictitious Name Statement expires five years from the date it was filed in the office of the County Clerk. A new Fictitious Business Name Statement must be filed prior to that date. The filing of this statement does not of itself authorize the use in this state of a Fictitious Business Name in violation of the rights of another under Federal, State, or common law (See section 14411 et seq. Business and Professions Code)Publish: Mountain Views News/JDC
Dates Pub: MAY 21, 28, JUNE 04, 11, 2022
FICTITIOUS BUSINESS NAME STATEMENT File No. 2022-105970 The following person(s) is (are) doing business as: NEXT GEN TRANSLATIONS, 2650 E19TH ST UNIT 1, SIGNAL HILL, CA 90755. Full name of registrant(s) is (are) NEXT GEN TRANSLATIONS, 2650 E19TH ST UNIT 1, SIGNAL HILL, CA 90755. This Business is conducted by: A CORPORATION. Signed: CHRISTOPHER PIMENTEL/CEO. This statement was filed with the County Clerk of Los Angeles County on 05/13/2022. The registrant(s) has (have) commenced to transact business under the fictitious business name or names listed above on N/A. NOTICE- This Fictitious Name Statement expires five years from the date it was filed in the office of the County Clerk. A new Fictitious Business Name Statement must be filed prior to that date. The filing of this statement does not of itself authorize the use in this state of a Fictitious Business Name in violation of the rights of another under Federal, State, or common law (See section 14411 et seq. Business and Professions Code)Publish: Mountain Views News/JDC
Dates Pub: MAY 21, 28, JUNE 04, 11, 2022
FICTITIOUS BUSINESS NAME STATEMENT File No. 2022-110045 The following person(s) is (are) doing business as: PETECH COMPANY, 1040 BIXBY DR, RIVERSIDE, CA 92507. Full name of registrant(s) is (are) MONIQUE ALYSSA MONROE, 1040 BIXBY DR, RIVERSIDE, CA 92507. This Business is conducted by: AN INDIVIDUAL. Signed: MONIQUE ALYSSA MONROE/OWNER. This statement was filed with the County Clerk of Los Angeles County on 05/19/2022. The registrant(s) has (have) commenced to transact business under the fictitious business name or names listed above on N/A. NOTICE- This Fictitious Name Statement expires five years from the date it was filed in the office of the County Clerk. A new Fictitious Business Name Statement must be filed prior to that date.
Dates Pub: MAY 21, 28, JUNE 04, 11, 2022
FICTITIOUS BUSINESS NAME STATEMENT File No. 2022-107866 The following person(s) is (are) doing business as: PHO REBEKK, 16750 PIONEER BLVD, ARTESIA, CA 90701. Full name of registrant(s) is (are) TUAN ANH PHAM, 16750 PIONEER BLVD, ARTESIA, CA 90701. This Business is conducted by: A LIMITED LIABILITY COMPANY. Signed: TUAN ANH PHAM/MANAGING MEMBER. This statement was filed with the County Clerk of Los Angeles County on 05/17/2022.
FICTITIOUS BUSINESS NAME STATEMENT File No. 2022-108786 The following person(s) is (are) doing business as: TRIPLE SMOKE EXPERT, 17526 ELAINE AVE, ARTESIA, CA 90701. Full name of registrant(s) is (are) MANPREET CHANDIALA, 17526 ELAINE AVE, ARTESIA, CA 90701. This Business is conducted by: AN INDIVIDUAL. Signed: HEMENDRA CHANDUBHAI PATEL/OWNER. This statement was filed with the County Clerk of Los Angeles County on 05/13/2022. The registrant(s) has (have) commenced to transact business under the fictitious business name or names listed above on N/A. NOTICE- This Fictitious Name Statement expires five years from the date it was filed in the office of the County Clerk. A new Fictitious Business Name Statement must be filed prior to that date. The filing of this statement does not of itself authorize the use in this state of a Fictitious Business Name in violation of the rights of another under Federal, State, or common law (See section 14411 et seq. Business and Professions Code)Publish: Mountain Views News/JDC
Dates Pub: MAY 21, 28, JUNE 04, 11, 2022
FICTITIOUS BUSINESS NAME STATEMENT File No. 2022-109499 The following person(s) is (are) doing business as: PHYSICAL THERAPY, 9023 NAYLOR AVE, LOS ANGELES, CA 90045. Full name of registrant(s) is (are) STEWART SUTHIT THEVASUKIT, 9023 NAYLOR AVE, LOS ANGELES, CA 90045. This Business is conducted by: AN INDIVIDUAL. Signed: STEWART SUTHIT THEVASUKIT/OWNER. This statement was filed with the County Clerk of Los Angeles County on 05/18/2022. The registrant(s) has (have) commenced to transact business under the fictitious business name or names listed above on N/A. NOTICE- This Fictitious Name Statement expires five years from the date it was filed in the office of the County Clerk. A new Fictitious Business Name Statement must be filed prior to that date. The filing of this statement does not of itself authorize the use in this state of a Fictitious Business Name in violation of the rights of another under Federal, State, or common law (See section 14411 et seq. Business and Professions Code)Publish: Mountain Views News/JDC
Dates Pub: MAY 21, 28, JUNE 04, 11, 2022
FICTITIOUS BUSINESS NAME STATEMENT File No. 2022-108291 The following person(s) is (are) doing business as: NIKKIS HOME, 1510 S CURTIS AVE, ALHAMBRA, CA 91803. Full name of registrant(s) is (are) MING CHEN, 1510 S CURTIS AVE, ALHAMBRA, CA 91803. This Business is conducted by: AN INDIVIDUAL. Signed: MING CHEN/OWNER. This statement was filed with the County Clerk of Los Angeles County on 05/09/2022. The registrant(s) has (have) commenced to transact business under the fictitious business name or names listed above on N/A. NOTICE- This Fictitious Name Statement expires five years from the date it was filed in the office of the County Clerk. A new Fictitious Business Name Statement must be filed prior to that date. The filing of this statement does not of itself authorize the use in this state of a Fictitious Business Name in violation of the rights of another under Federal, State, or common law (See section 14411 et seq. Business and Professions Code)Publish: Mountain Views News/JDC
Dates Pub: MAY 21, 28, JUNE 04, 11, 2022
FICTITIOUS BUSINESS NAME STATEMENT File No. 2022-108232 The following person(s) is (are) doing business as: SWEET TIME DONUTS, 624 E COMPTON BLVD, COMPTON, CA 90221. Full name of registrant(s) is (are) APSARA AB INC., 624 E COMPTON BLVD STE D, COMPTON, CA 90221. This Business is conducted by: A CORPORATION. Signed: LAVYANAN PEN/CEO. This statement was filed with the County Clerk of Los Angeles County on 05/16/2022. The registrant(s) has (have) commenced to transact business under the fictitious business name or names listed above on N/A. NOTICE- This Fictitious Name Statement expires five years from the date it was filed in the office of the County Clerk. A new Fictitious Business Name Statement must be filed prior to that date. The filing of this statement does not of itself authorize the use in this state of a Fictitious Business Name in violation of the rights of another under Federal, State, or common law (See section 14411 et seq. Business and Professions Code)Publish: Mountain Views News/JDC
Dates Pub: MAY 21, 28, JUNE 04, 11, 2022
FICTITIOUS BUSINESS NAME STATEMENT File No. 2022-108599 The following person(s) is (are) doing business as: TACOS ANAIDS, 2720 WHITTIER BLVD, LOS ANGELES, CA 90023. Full name of registrant(s) is (are) APOLINAR REYES ROSAS, 2720 WHITTIER BLVD, LOS ANGELES, CA 90023. This Business is conducted by: AN INDIVIDUAL. Signed: APOLINAR REYES ROSAS/OWNER. This statement was filed with the County Clerk of Los Angeles County on 05/16/2022. The registrant(s) has (have) commenced to transact business under the fictitious business name or names listed above on N/A. NOTICE- This Fictitious Name Statement expires five years from the date it was filed in the office of the County Clerk. A new Fictitious Business Name Statement must be filed prior to that date. The filing of this statement does not of itself authorize the use in this state of a Fictitious Business Name in violation of the rights of another under Federal, State, or common law (See section 14411 et seq. Business and Professions Code)Publish: Mountain Views News/JDC
Dates Pub: MAY 21, 28, JUNE 04, 11, 2022
FICTITIOUS BUSINESS NAME STATEMENT File No. 2022-109781 The following person(s) is (are) doing business as: TOM'S NATURAL NAILS, 4030 ATLANTIC BLVD, BELL, CA 90201. Full name of registrant(s) is (are) TOM HUYNH TRAN, 3535 SHAMROCK AVE, SAN DIEGO, CA 92108. This Business is conducted by: AN INDIVIDUAL. Signed: TOM HUYNH TRAN/OWNER. This statement was filed with the County Clerk of Los Angeles County on 05/18/2022. The registrant(s) has (have) commenced to transact business under the fictitious business name or names listed above on N/A. NOTICE- This Fictitious Name Statement expires five years from the date it was filed in the office of the County Clerk. A new Fictitious Business Name Statement must be filed prior to that date.
Dates Pub: MAY 21, 28, JUNE 04, 11, 2022
FICTITIOUS BUSINESS NAME STATEMENT File No. 2022-107864 The following person(s) is (are) doing business as: TRUFIT WELLNESS CENTER, WITH FITNESS POST REHABILITATION CENTER, 11421 S CARSON ST, LAKEWOOD, CA 90715. Full name of registrant(s) is (are) GUY VAN GRAY, 11421 S CARSON ST, LAKEWOOD, CA 90715. This Business is conducted by: AN INDIVIDUAL. Signed: GUY VAN GRAY/OWNER. This statement was filed with the County Clerk of Los Angeles County on 05/17/2022. The registrant(s) has (have) commenced to transact business under the fictitious business name or names listed above on 01/2009. NOTICE- This Fictitious Name Statement expires five years from the date it was filed in the office of the County Clerk.
Dates Pub: MAY 21, 28, JUNE 04, 11, 2022
FICTITIOUS BUSINESS NAME STATEMENT File No. 2022-106000 The following person(s) is (are) doing business as: UNITED TECH 100, 12901 FIRELAND BLVD STE 1, LA MIRADA, CA 90638. Full name of registrant(s) is (are) MARIA LORENA GONZALEZ FLORES. This Business is conducted by: AN INDIVIDUAL. Signed: MARIA LORENA GONZALEZ FLORES/OWNER.
Mountain Views News 80 W Sierra Madre Blvd. No. 327 Sierra Madre, Ca. 91024 Office: 626.355.2737 Fax: 626.609.3285 Email: editor@mtnviewsnews.com Website: www.mtnviewsnews.com
